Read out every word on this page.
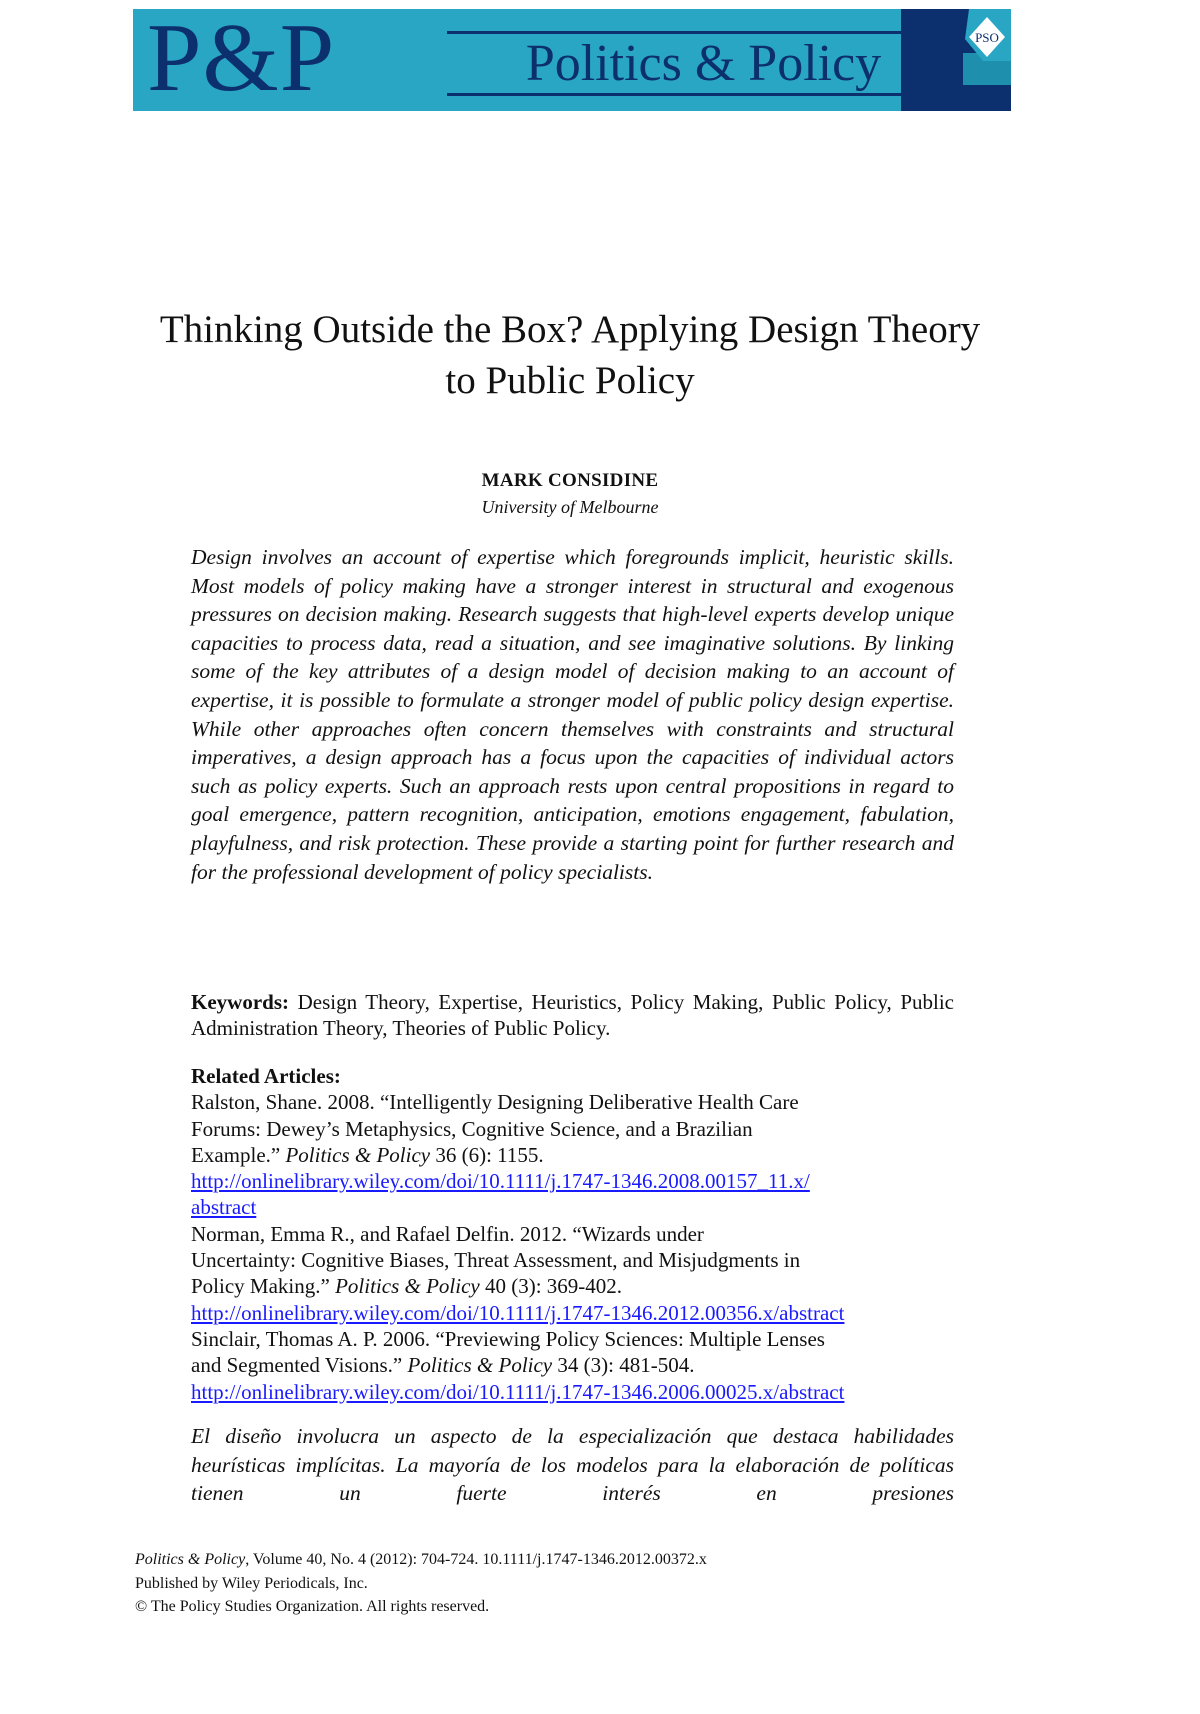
P&P	Politics & Policy	PSO
Thinking Outside the Box? Applying Design Theory to Public Policy
MARK CONSIDINE
University of Melbourne

Design involves an account of expertise which foregrounds implicit, heuristic skills. Most models of policy making have a stronger interest in structural and exogenous pressures on decision making. Research suggests that high-level experts develop unique capacities to process data, read a situation, and see imaginative solutions. By linking some of the key attributes of a design model of decision making to an account of expertise, it is possible to formulate a stronger model of public policy design expertise. While other approaches often concern themselves with constraints and structural imperatives, a design approach has a focus upon the capacities of individual actors such as policy experts. Such an approach rests upon central propositions in regard to goal emergence, pattern recognition, anticipation, emotions engagement, fabulation, playfulness, and risk protection. These provide a starting point for further research and for the professional development of policy specialists.

Keywords: Design Theory, Expertise, Heuristics, Policy Making, Public Policy, Public Administration Theory, Theories of Public Policy.

Related Articles:
Ralston, Shane. 2008. “Intelligently Designing Deliberative Health Care
Forums: Dewey’s Metaphysics, Cognitive Science, and a Brazilian
Example.” Politics & Policy 36 (6): 1155.
http://onlinelibrary.wiley.com/doi/10.1111/j.1747-1346.2008.00157_11.x/
abstract
Norman, Emma R., and Rafael Delfin. 2012. “Wizards under
Uncertainty: Cognitive Biases, Threat Assessment, and Misjudgments in
Policy Making.” Politics & Policy 40 (3): 369-402.
http://onlinelibrary.wiley.com/doi/10.1111/j.1747-1346.2012.00356.x/abstract
Sinclair, Thomas A. P. 2006. “Previewing Policy Sciences: Multiple Lenses
and Segmented Visions.” Politics & Policy 34 (3): 481-504.
http://onlinelibrary.wiley.com/doi/10.1111/j.1747-1346.2006.00025.x/abstract

El diseño involucra un aspecto de la especialización que destaca habilidades heurísticas implícitas. La mayoría de los modelos para la elaboración de políticas tienen un fuerte interés en presiones

Politics & Policy, Volume 40, No. 4 (2012): 704-724. 10.1111/j.1747-1346.2012.00372.x
Published by Wiley Periodicals, Inc.
© The Policy Studies Organization. All rights reserved.
